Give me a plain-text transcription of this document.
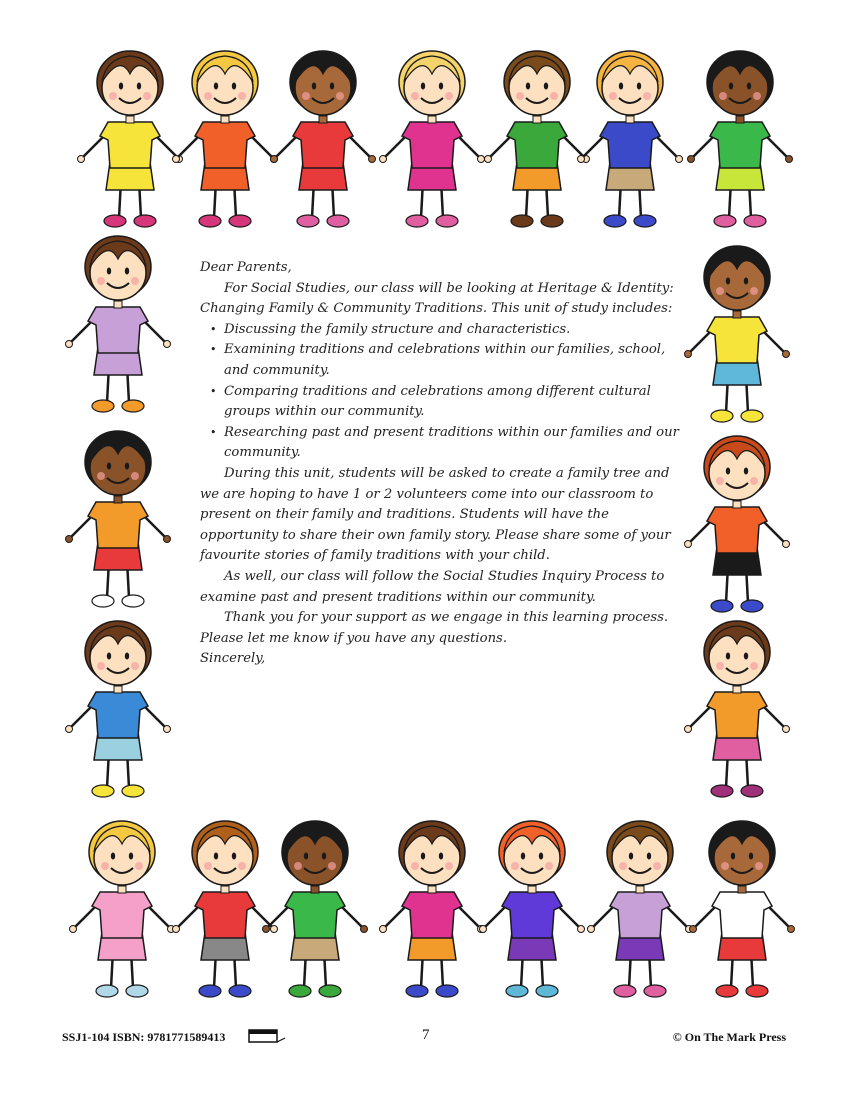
Dear Parents,

For Social Studies, our class will be looking at Heritage & Identity: Changing Family & Community Traditions. This unit of study includes:

• Discussing the family structure and characteristics.
• Examining traditions and celebrations within our families, school, and community.
• Comparing traditions and celebrations among different cultural groups within our community.
• Researching past and present traditions within our families and our community.

During this unit, students will be asked to create a family tree and we are hoping to have 1 or 2 volunteers come into our classroom to present on their family and traditions. Students will have the opportunity to share their own family story. Please share some of your favourite stories of family traditions with your child.

As well, our class will follow the Social Studies Inquiry Process to examine past and present traditions within our community.

Thank you for your support as we engage in this learning process. Please let me know if you have any questions.

Sincerely,

SSJ1-104 ISBN: 9781771589413	7	© On The Mark Press
